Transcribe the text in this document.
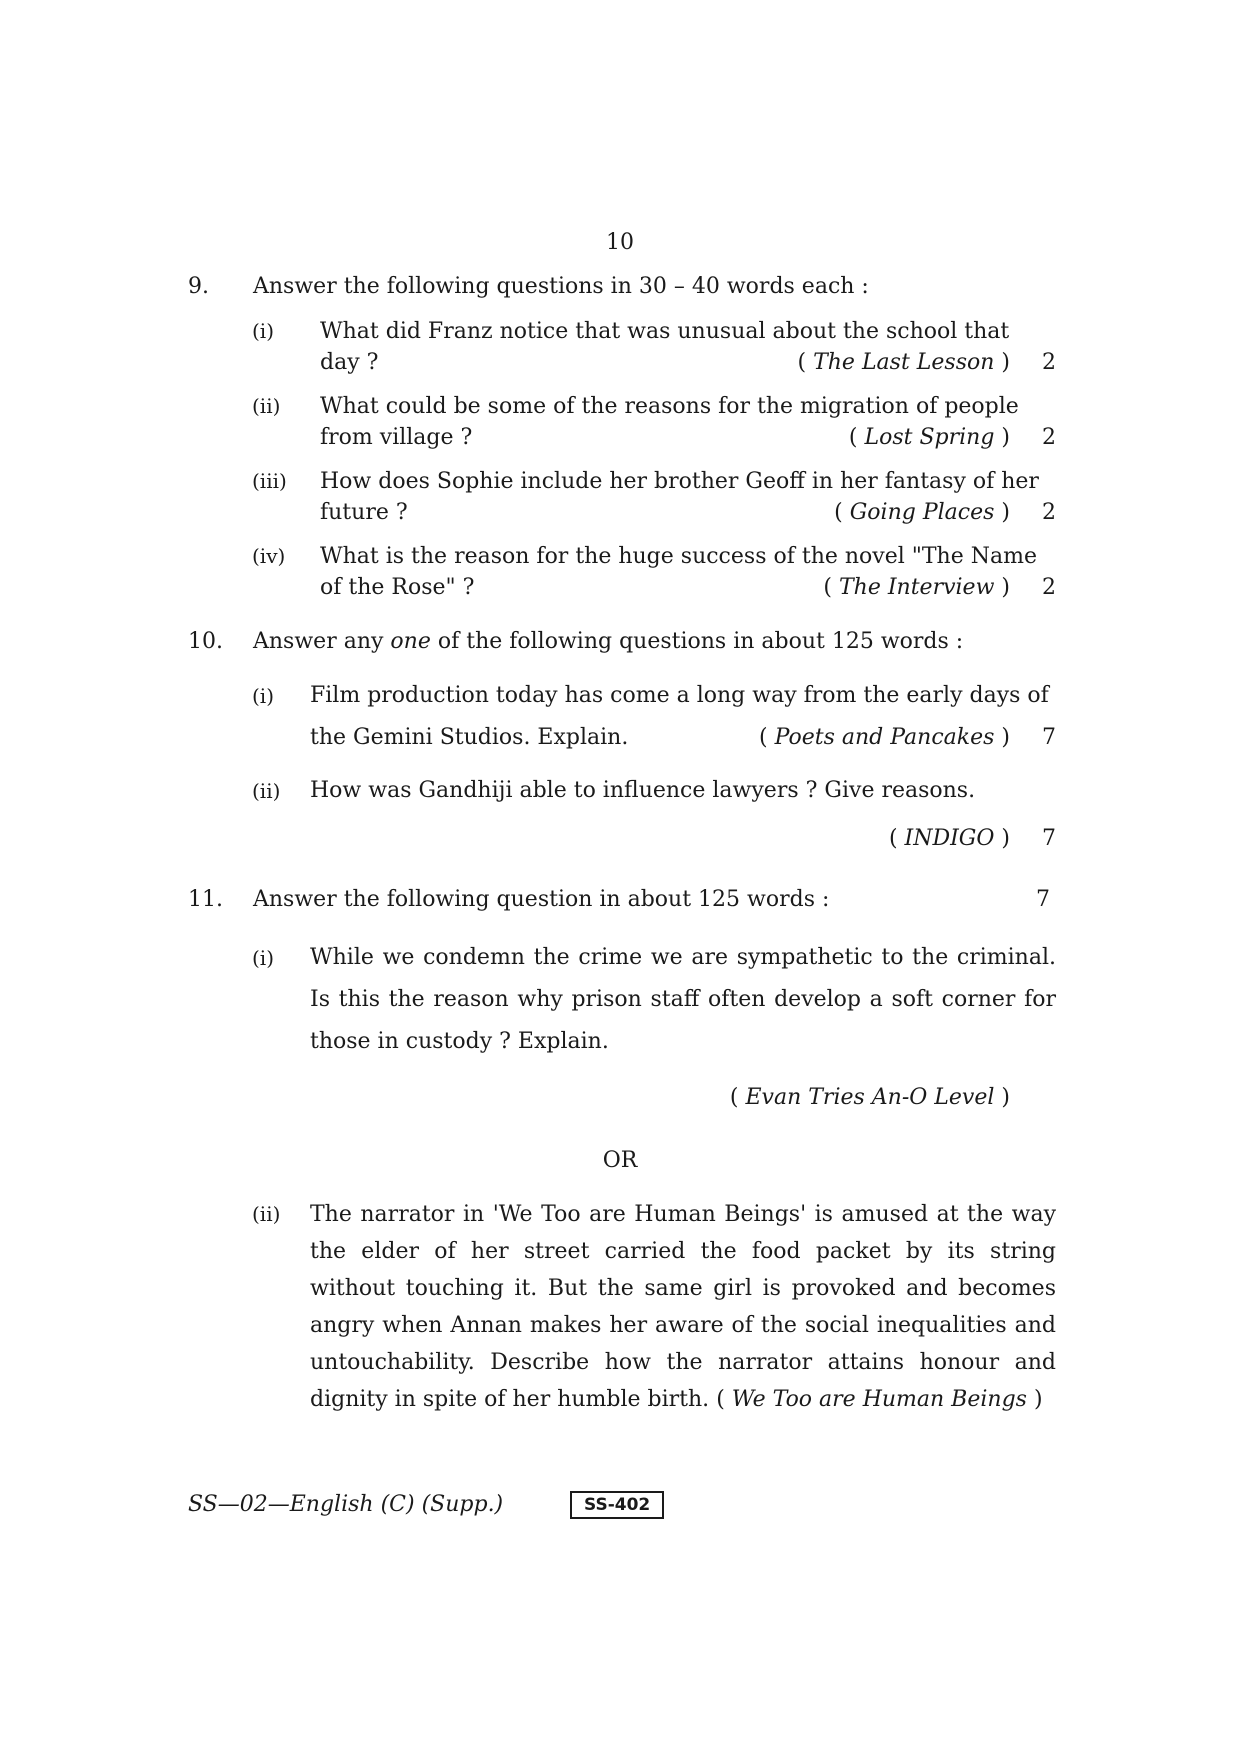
10
9. Answer the following questions in 30 – 40 words each :
(i) What did Franz notice that was unusual about the school that
day ?	( The Last Lesson )	2
(ii) What could be some of the reasons for the migration of people
from village ?	( Lost Spring )	2
(iii) How does Sophie include her brother Geoff in her fantasy of her
future ?	( Going Places )	2
(iv) What is the reason for the huge success of the novel "The Name
of the Rose" ?	( The Interview )	2
10. Answer any one of the following questions in about 125 words :
(i) Film production today has come a long way from the early days of
the Gemini Studios. Explain.	( Poets and Pancakes )	7
(ii) How was Gandhiji able to influence lawyers ? Give reasons.
( INDIGO ) 7
11. Answer the following question in about 125 words :	7
(i) While we condemn the crime we are sympathetic to the criminal. Is this the reason why prison staff often develop a soft corner for those in custody ? Explain.
( Evan Tries An-O Level )
OR
(ii) The narrator in 'We Too are Human Beings' is amused at the way the elder of her street carried the food packet by its string without touching it. But the same girl is provoked and becomes angry when Annan makes her aware of the social inequalities and untouchability. Describe how the narrator attains honour and dignity in spite of her humble birth. ( We Too are Human Beings )
SS—02—English (C) (Supp.)	SS-402
